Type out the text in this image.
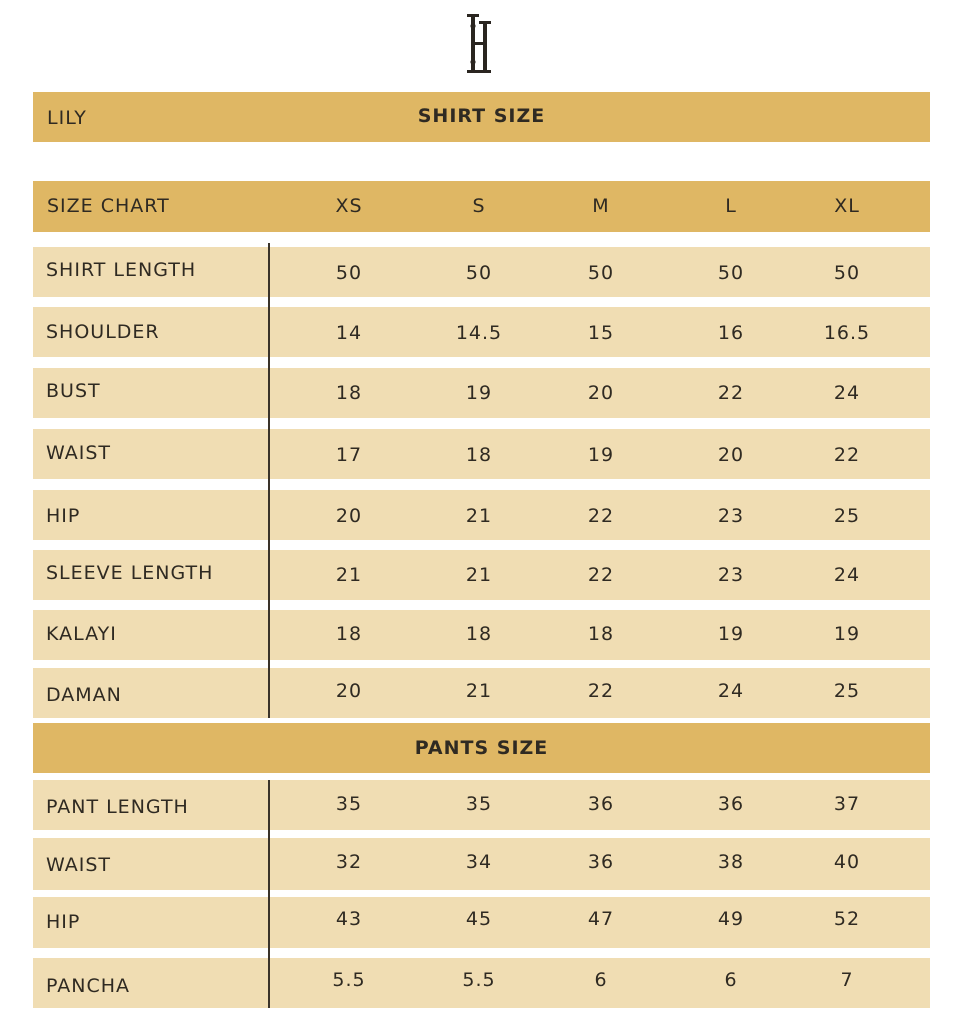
LILY	SHIRT SIZE
SIZE CHART	XS	S	M	L	XL
SHIRT LENGTH	50	50	50	50	50
SHOULDER	14	14.5	15	16	16.5
BUST	18	19	20	22	24
WAIST	17	18	19	20	22
HIP	20	21	22	23	25
SLEEVE LENGTH	21	21	22	23	24
KALAYI	18	18	18	19	19
DAMAN	20	21	22	24	25
PANTS SIZE
PANT LENGTH	35	35	36	36	37
WAIST	32	34	36	38	40
HIP	43	45	47	49	52
PANCHA	5.5	5.5	6	6	7
